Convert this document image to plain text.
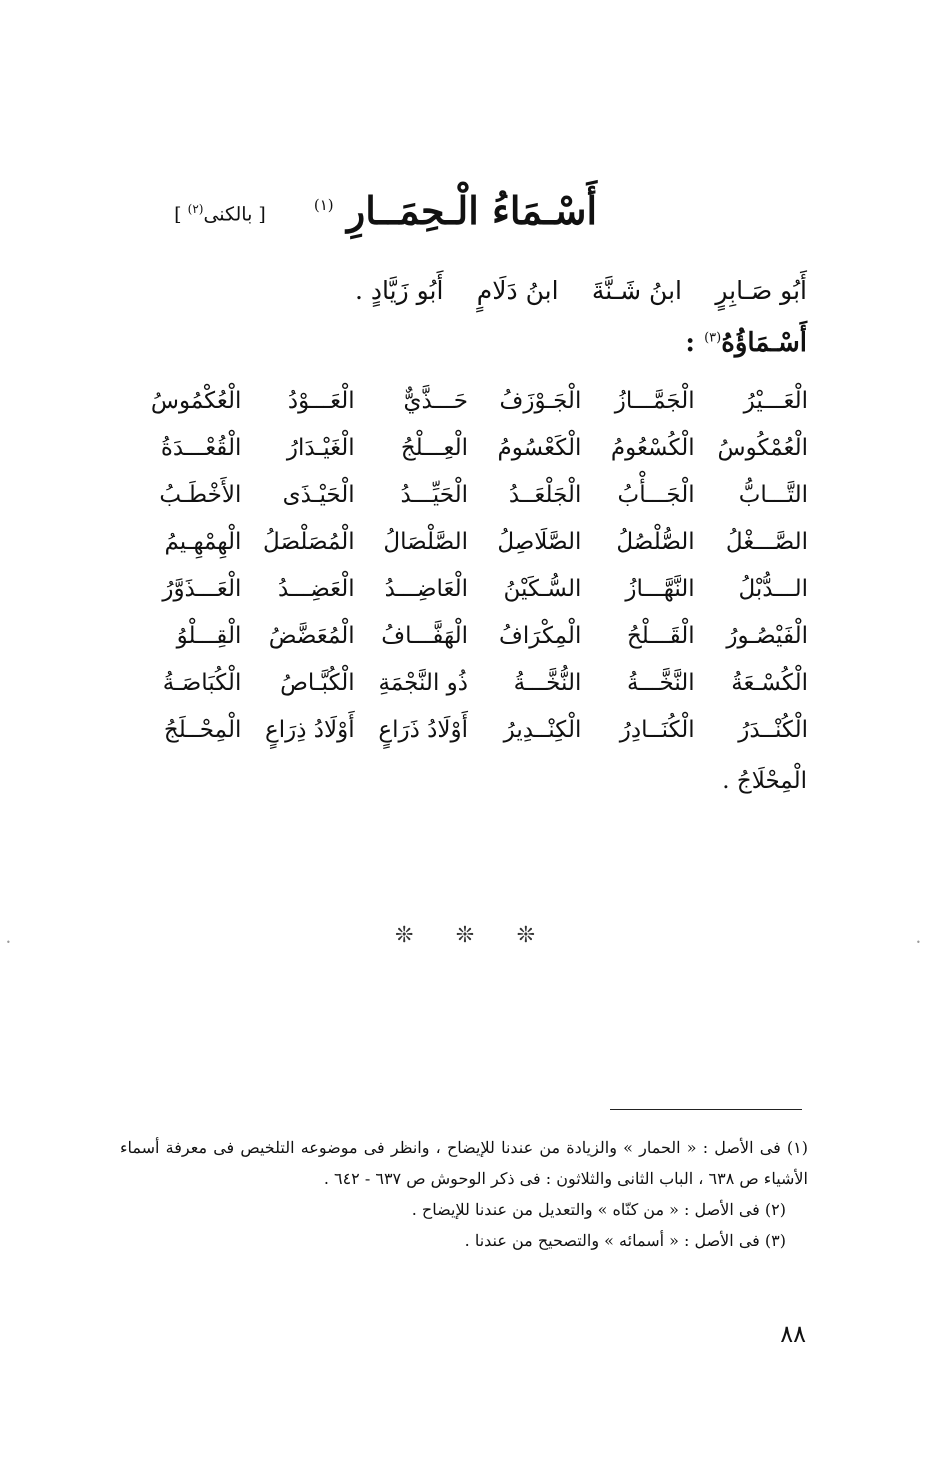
أَسْـمَاءُ الْـحِمَــارِ $^{(١)}$
[ بالكنى$^{(٢)}$ ]
أَبُو صَـابِرٍ
ابنُ شَـنَّةَ
ابنُ دَلَامٍ
أَبُو زَيَّادٍ .
أَسْـمَاؤُهُ$^{(٣)}$ :
الْعَـــيْرُ
الْجَمَّـــازُ
الْجَـوْزَفُ
حَـــذَّيٌّ
الْعَـــوْدُ
الْعُكْمُوسُ
الْعُمْكُوسُ
الْكُسْعُومُ
الْكَعْسُومُ
الْعِـــلْجُ
الْغَيْـدَارُ
الْقُعْـــدَةُ
التَّـــابُّ
الْجَـــأْبُ
الْجَلْعَــدُ
الْحَيِّـــدُ
الْحَيْـذَى
الأَخْطَـبُ
الصَّـــغْلُ
الصُّلْصُلُ
الصَّلَاصِلُ
الصَّلْصَالُ
الْمُصَلْصَلُ
الْهِمْهِـيمُ
الـــدُّبْلُ
النَّهَّـــازُ
السُّـكَيْنُ
الْعَاضِـــدُ
الْعَضِـــدُ
الْعَـــذَوَّرُ
الْفَيْصُـورُ
الْقَـــلْحُ
الْمِكْرَافُ
الْهَفَّـــافُ
الْمُعَضَّضُ
الْقِـــلْوُ
الْكُسْـعَةُ
النَّخَّـــةُ
النُّخَّـــةُ
ذُو النَّجْمَةِ
الْكُبَّـاصُ
الْكُبَاصَـةُ
الْكُنْــدَرُ
الْكُنَــادِرُ
الْكِنْــدِيرُ
أَوْلَادُ ذَرَاعٍ
أَوْلَادُ ذِرَاعٍ
الْمِحْــلَجُ
الْمِحْلَاجُ .
❊ ❊ ❊
•	•

(١) فى الأصل : « الحمار » والزيادة من عندنا للإيضاح ، وانظر فى موضوعه التلخيص فى معرفة أسماء الأشياء ص ٦٣٨ ، الباب الثانى والثلاثون : فى ذكر الوحوش ص ٦٣٧ - ٦٤٢ .

(٢) فى الأصل : « من كنّاه » والتعديل من عندنا للإيضاح .

(٣) فى الأصل : « أسمائه » والتصحيح من عندنا .

٨٨
